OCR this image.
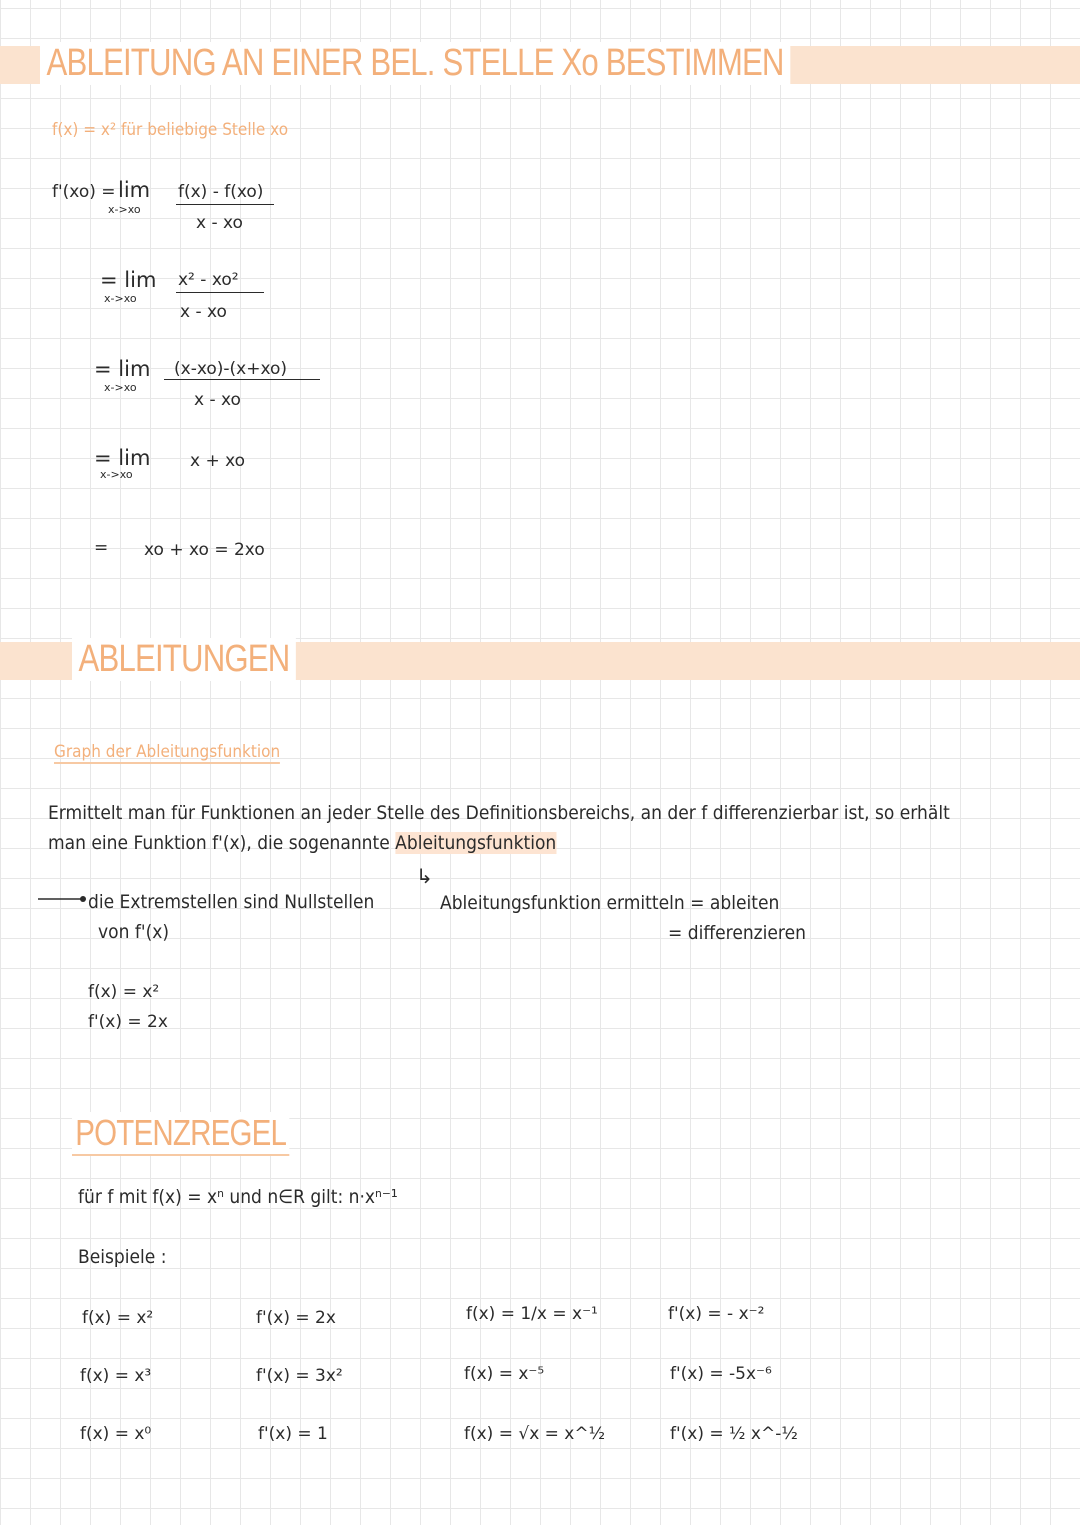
ABLEITUNG AN EINER BEL. STELLE Xo BESTIMMEN
f(x) = x² für beliebige Stelle xo
f'(xo) = lim
x->xo
f(x) - f(xo)
x - xo
= lim
x->xo
x² - xo²
x - xo
= lim
x->xo
(x-xo)-(x+xo)
x - xo
= lim
x->xo
x + xo
= xo + xo = 2xo
ABLEITUNGEN
Graph der Ableitungsfunktion
Ermittelt man für Funktionen an jeder Stelle des Definitionsbereichs, an der f differenzierbar ist, so erhält
man eine Funktion f'(x), die sogenannte Ableitungsfunktion
↳
die Extremstellen sind Nullstellen
von f'(x)
Ableitungsfunktion ermitteln = ableiten
= differenzieren
f(x) = x²
f'(x) = 2x
POTENZREGEL
für f mit f(x) = xⁿ und n∈R gilt: n·xⁿ⁻¹
Beispiele :
f(x) = x²	f'(x) = 2x	f(x) = 1/x = x⁻¹	f'(x) = - x⁻²
f(x) = x³	f'(x) = 3x²	f(x) = x⁻⁵	f'(x) = -5x⁻⁶
f(x) = x⁰	f'(x) = 1	f(x) = √x = x^½	f'(x) = ½ x^-½
